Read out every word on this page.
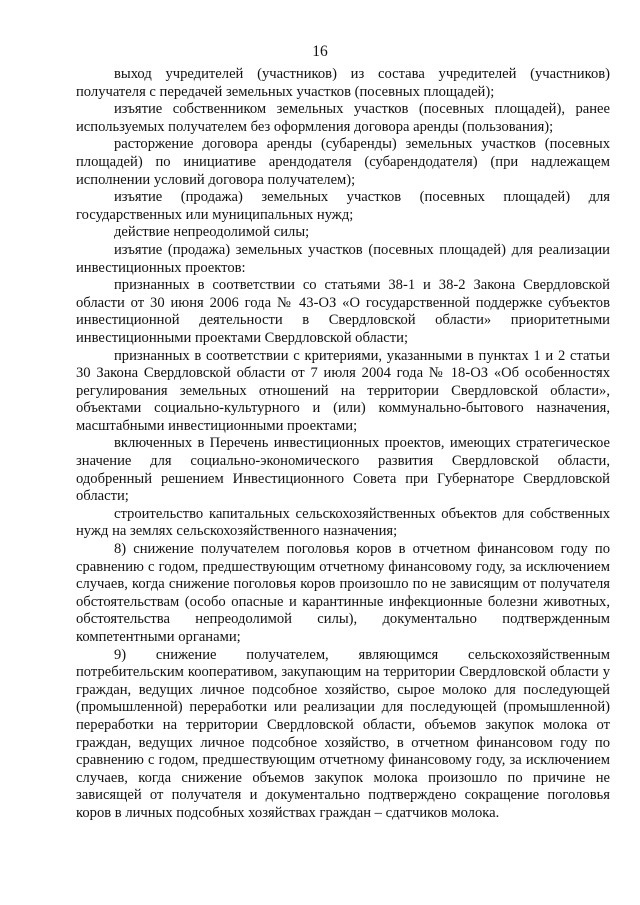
16

выход учредителей (участников) из состава учредителей (участников) получателя с передачей земельных участков (посевных площадей);

изъятие собственником земельных участков (посевных площадей), ранее используемых получателем без оформления договора аренды (пользования);

расторжение договора аренды (субаренды) земельных участков (посевных площадей) по инициативе арендодателя (субарендодателя) (при надлежащем исполнении условий договора получателем);

изъятие (продажа) земельных участков (посевных площадей) для государственных или муниципальных нужд;

действие непреодолимой силы;

изъятие (продажа) земельных участков (посевных площадей) для реализации инвестиционных проектов:

признанных в соответствии со статьями 38-1 и 38-2 Закона Свердловской области от 30 июня 2006 года № 43-ОЗ «О государственной поддержке субъектов инвестиционной деятельности в Свердловской области» приоритетными инвестиционными проектами Свердловской области;

признанных в соответствии с критериями, указанными в пунктах 1 и 2 статьи 30 Закона Свердловской области от 7 июля 2004 года № 18-ОЗ «Об особенностях регулирования земельных отношений на территории Свердловской области», объектами социально-культурного и (или) коммунально-бытового назначения, масштабными инвестиционными проектами;

включенных в Перечень инвестиционных проектов, имеющих стратегическое значение для социально-экономического развития Свердловской области, одобренный решением Инвестиционного Совета при Губернаторе Свердловской области;

строительство капитальных сельскохозяйственных объектов для собственных нужд на землях сельскохозяйственного назначения;

8) снижение получателем поголовья коров в отчетном финансовом году по сравнению с годом, предшествующим отчетному финансовому году, за исключением случаев, когда снижение поголовья коров произошло по не зависящим от получателя обстоятельствам (особо опасные и карантинные инфекционные болезни животных, обстоятельства непреодолимой силы), документально подтвержденным компетентными органами;

9) снижение получателем, являющимся сельскохозяйственным потребительским кооперативом, закупающим на территории Свердловской области у граждан, ведущих личное подсобное хозяйство, сырое молоко для последующей (промышленной) переработки или реализации для последующей (промышленной) переработки на территории Свердловской области, объемов закупок молока от граждан, ведущих личное подсобное хозяйство, в отчетном финансовом году по сравнению с годом, предшествующим отчетному финансовому году, за исключением случаев, когда снижение объемов закупок молока произошло по причине не зависящей от получателя и документально подтверждено сокращение поголовья коров в личных подсобных хозяйствах граждан – сдатчиков молока.
